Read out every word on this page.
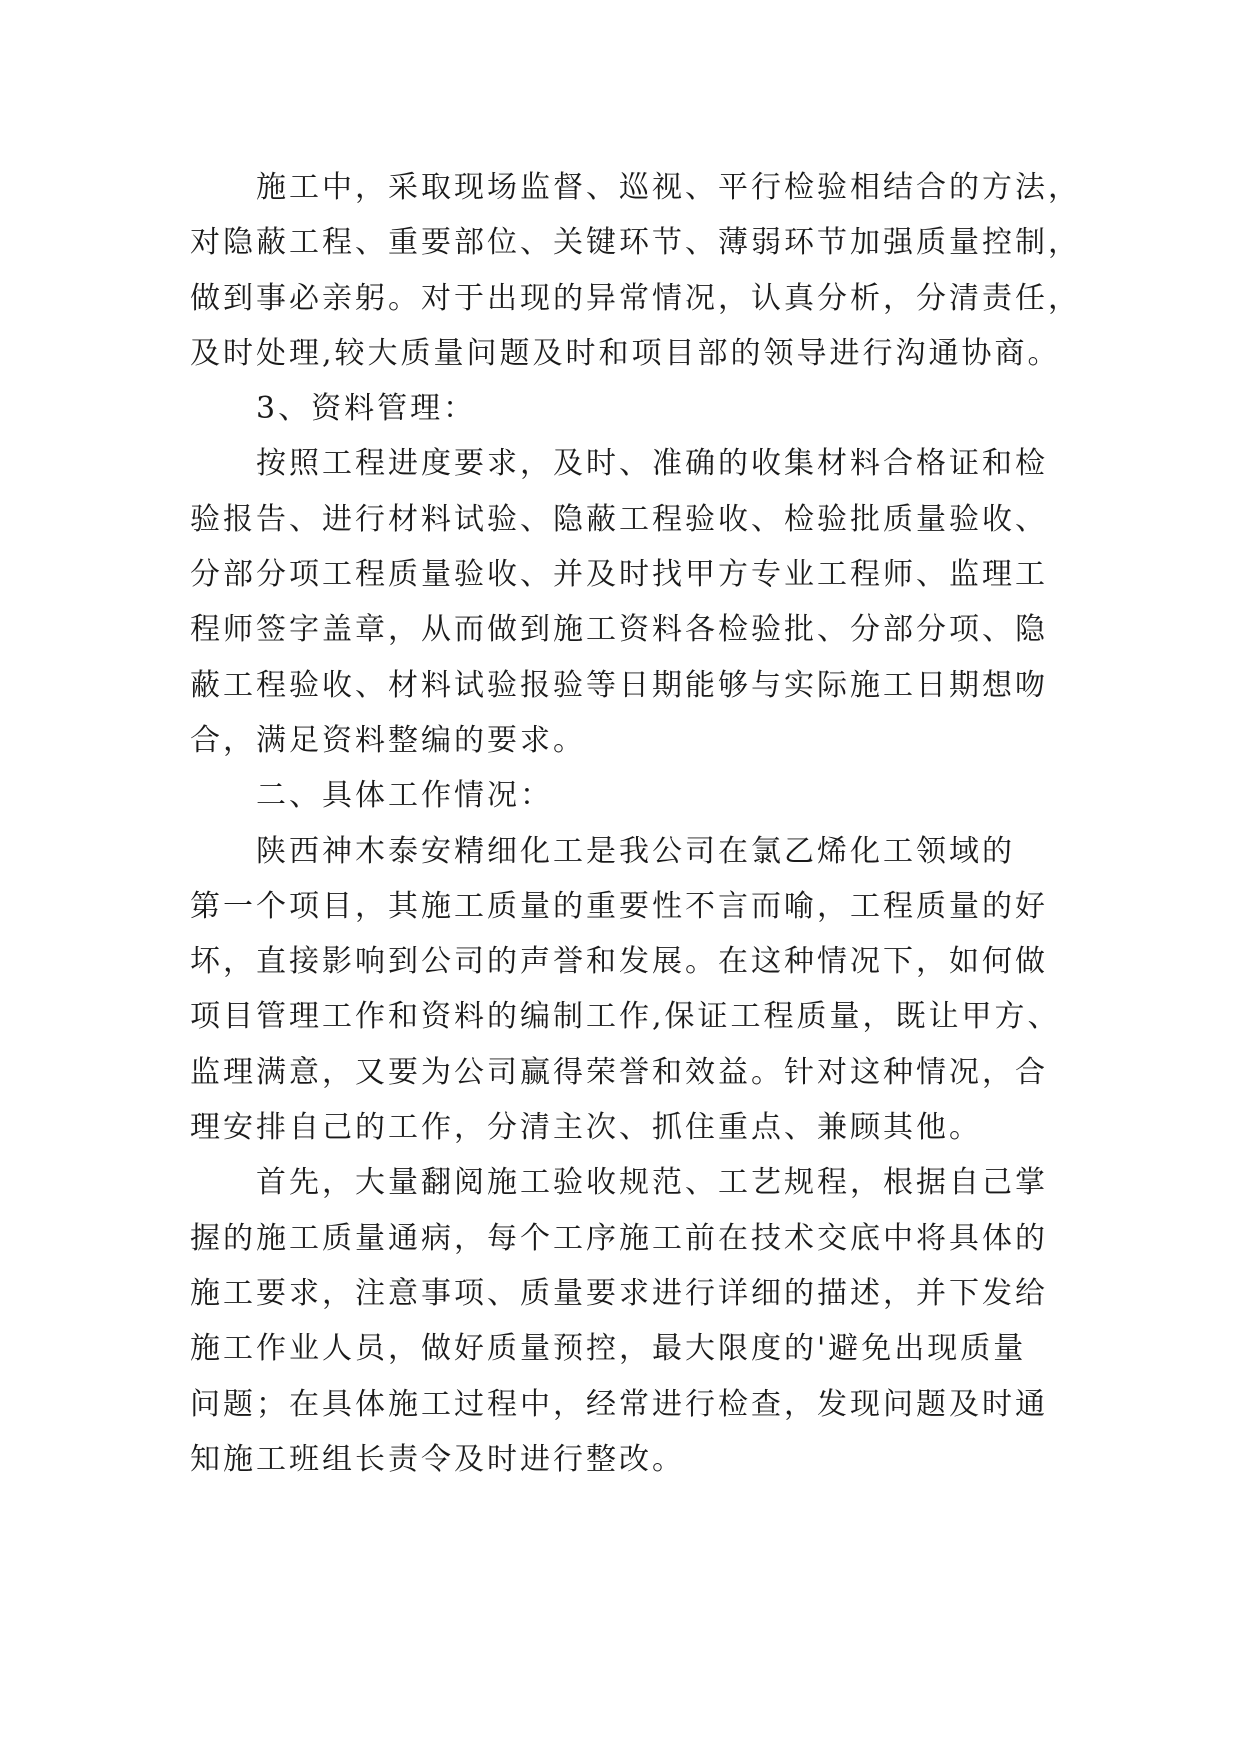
施工中，采取现场监督、巡视、平行检验相结合的方法，
对隐蔽工程、重要部位、关键环节、薄弱环节加强质量控制，
做到事必亲躬。对于出现的异常情况，认真分析，分清责任，
及时处理,较大质量问题及时和项目部的领导进行沟通协商。
3、资料管理：
按照工程进度要求，及时、准确的收集材料合格证和检
验报告、进行材料试验、隐蔽工程验收、检验批质量验收、
分部分项工程质量验收、并及时找甲方专业工程师、监理工
程师签字盖章，从而做到施工资料各检验批、分部分项、隐
蔽工程验收、材料试验报验等日期能够与实际施工日期想吻
合，满足资料整编的要求。
二、具体工作情况：
陕西神木泰安精细化工是我公司在氯乙烯化工领域的
第一个项目，其施工质量的重要性不言而喻，工程质量的好
坏，直接影响到公司的声誉和发展。在这种情况下，如何做
项目管理工作和资料的编制工作,保证工程质量，既让甲方、
监理满意，又要为公司赢得荣誉和效益。针对这种情况，合
理安排自己的工作，分清主次、抓住重点、兼顾其他。
首先，大量翻阅施工验收规范、工艺规程，根据自己掌
握的施工质量通病，每个工序施工前在技术交底中将具体的
施工要求，注意事项、质量要求进行详细的描述，并下发给
施工作业人员，做好质量预控，最大限度的'避免出现质量
问题；在具体施工过程中，经常进行检查，发现问题及时通
知施工班组长责令及时进行整改。
